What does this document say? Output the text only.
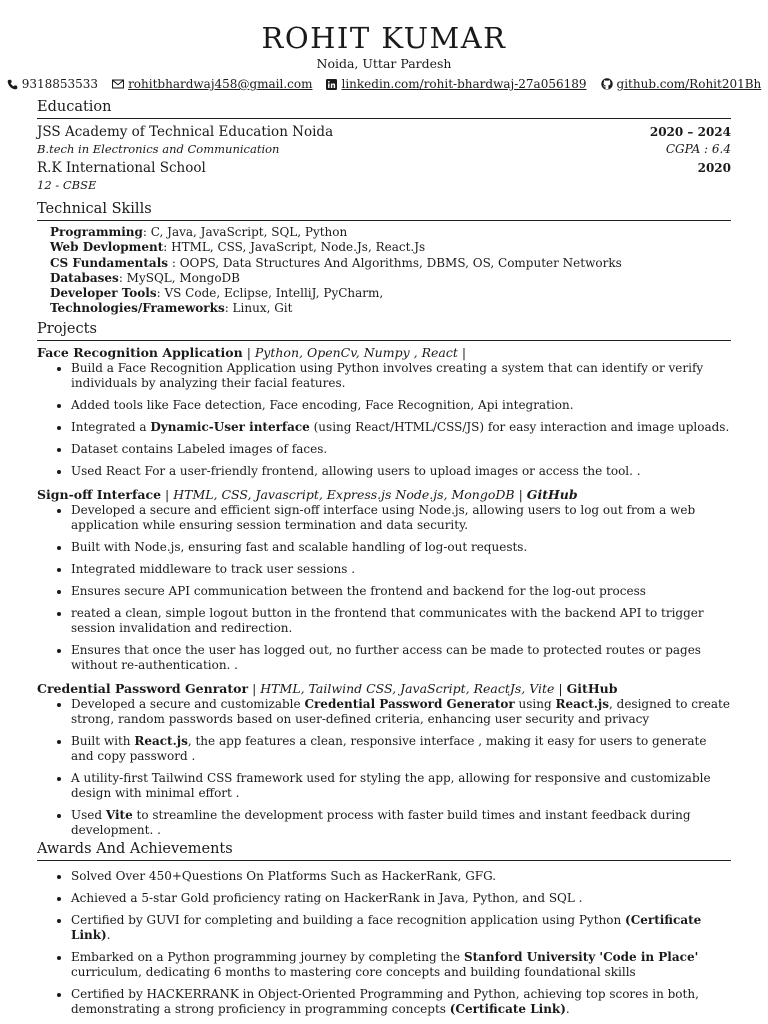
ROHIT KUMAR
Noida, Uttar Pardesh
9318853533	rohitbhardwaj458@gmail.com linkedin.com/rohit-bhardwaj-27a056189	github.com/Rohit201Bh
Education
JSS Academy of Technical Education Noida	2020 – 2024
B.tech in Electronics and Communication	CGPA : 6.4
R.K International School	2020
12 - CBSE
Technical Skills
Programming: C, Java, JavaScript, SQL, Python
Web Devlopment: HTML, CSS, JavaScript, Node.Js, React.Js
CS Fundamentals : OOPS, Data Structures And Algorithms, DBMS, OS, Computer Networks
Databases: MySQL, MongoDB
Developer Tools: VS Code, Eclipse, IntelliJ, PyCharm,
Technologies/Frameworks: Linux, Git
Projects
Face Recognition Application | Python, OpenCv, Numpy , React |
• Build a Face Recognition Application using Python involves creating a system that can identify or verify individuals by analyzing their facial features.
• Added tools like Face detection, Face encoding, Face Recognition, Api integration.
• Integrated a Dynamic-User interface (using React/HTML/CSS/JS) for easy interaction and image uploads.
• Dataset contains Labeled images of faces.
• Used React For a user-friendly frontend, allowing users to upload images or access the tool. .
Sign-off Interface | HTML, CSS, Javascript, Express.js Node.js, MongoDB | GitHub
• Developed a secure and efficient sign-off interface using Node.js, allowing users to log out from a web application while ensuring session termination and data security.
• Built with Node.js, ensuring fast and scalable handling of log-out requests.
• Integrated middleware to track user sessions .
• Ensures secure API communication between the frontend and backend for the log-out process
• reated a clean, simple logout button in the frontend that communicates with the backend API to trigger session invalidation and redirection.
• Ensures that once the user has logged out, no further access can be made to protected routes or pages without re-authentication. .
Credential Password Genrator | HTML, Tailwind CSS, JavaScript, ReactJs, Vite | GitHub
• Developed a secure and customizable Credential Password Generator using React.js, designed to create strong, random passwords based on user-defined criteria, enhancing user security and privacy
• Built with React.js, the app features a clean, responsive interface , making it easy for users to generate and copy password .
• A utility-first Tailwind CSS framework used for styling the app, allowing for responsive and customizable design with minimal effort .
• Used Vite to streamline the development process with faster build times and instant feedback during development. .
Awards And Achievements
• Solved Over 450+Questions On Platforms Such as HackerRank, GFG.
• Achieved a 5-star Gold proficiency rating on HackerRank in Java, Python, and SQL .
• Certified by GUVI for completing and building a face recognition application using Python (Certificate Link).
• Embarked on a Python programming journey by completing the Stanford University 'Code in Place' curriculum, dedicating 6 months to mastering core concepts and building foundational skills
• Certified by HACKERRANK in Object-Oriented Programming and Python, achieving top scores in both, demonstrating a strong proficiency in programming concepts (Certificate Link).
